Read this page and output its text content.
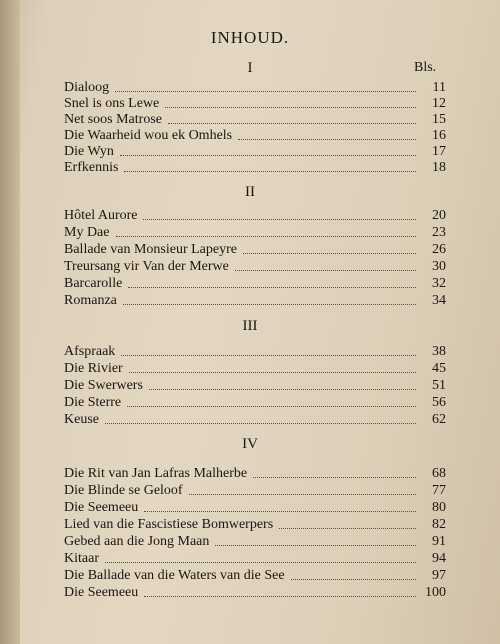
INHOUD.
Bls.
I
II
III
IV
Dialoog	11
Snel is ons Lewe	12
Net soos Matrose	15
Die Waarheid wou ek Omhels	16
Die Wyn	17
Erfkennis	18
Hôtel Aurore	20
My Dae	23
Ballade van Monsieur Lapeyre	26
Treursang vir Van der Merwe	30
Barcarolle	32
Romanza	34
Afspraak	38
Die Rivier	45
Die Swerwers	51
Die Sterre	56
Keuse	62
Die Rit van Jan Lafras Malherbe	68
Die Blinde se Geloof	77
Die Seemeeu	80
Lied van die Fascistiese Bomwerpers	82
Gebed aan die Jong Maan	91
Kitaar	94
Die Ballade van die Waters van die See	97
Die Seemeeu	100
